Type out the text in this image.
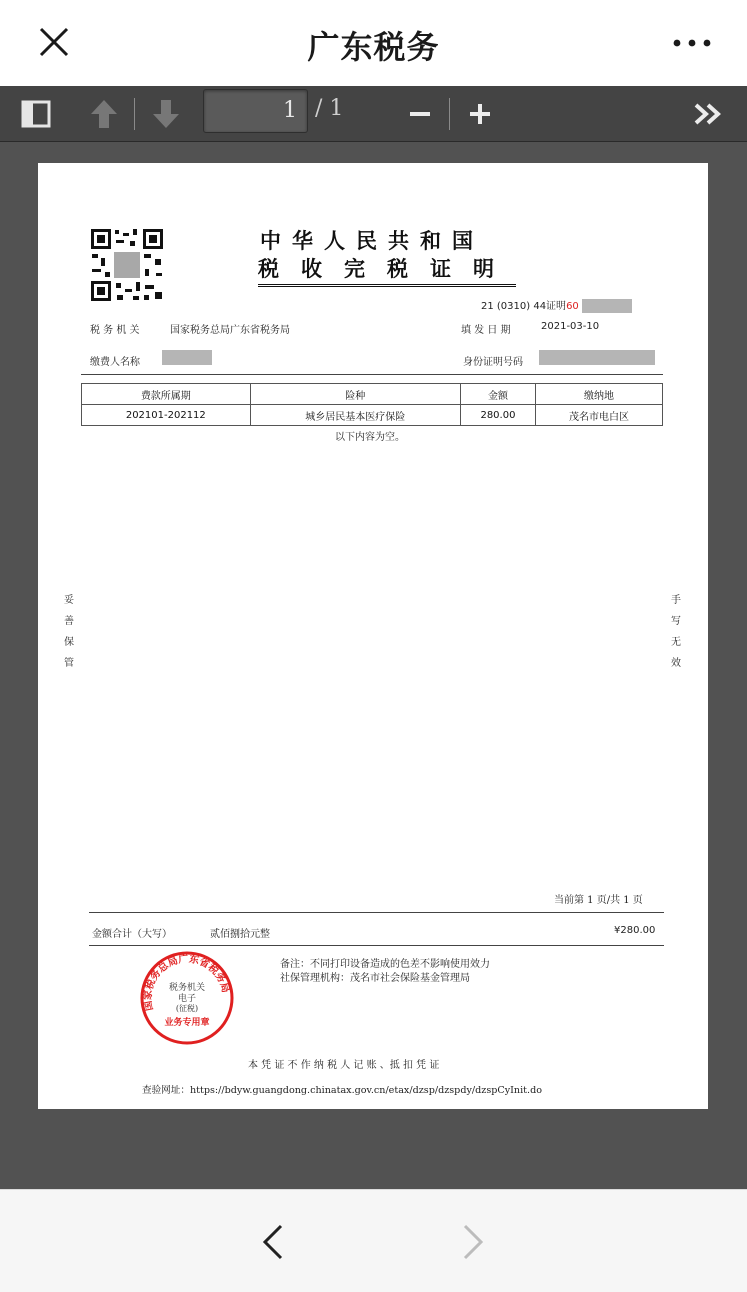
广东税务
1 / 1
中华人民共和国
税收完税证明
21 (0310) 44证明60
税 务 机 关	国家税务总局广东省税务局	填 发 日 期	2021-03-10
缴费人名称	身份证明号码
费款所属期	险种	金额	缴纳地
202101-202112	城乡居民基本医疗保险	280.00	茂名市电白区
以下内容为空。
妥
善
保
管
手
写
无
效
当前第 1 页/共 1 页
金额合计（大写）	贰佰捌拾元整	¥280.00
备注：不同打印设备造成的色差不影响使用效力
社保管理机构：茂名市社会保险基金管理局
国家税务总局广东省税务局
税务机关
电子
(征税)
业务专用章
本 凭 证 不 作 纳 税 人 记 账 、抵 扣 凭 证
查验网址：https://bdyw.guangdong.chinatax.gov.cn/etax/dzsp/dzspdy/dzspCyInit.do
